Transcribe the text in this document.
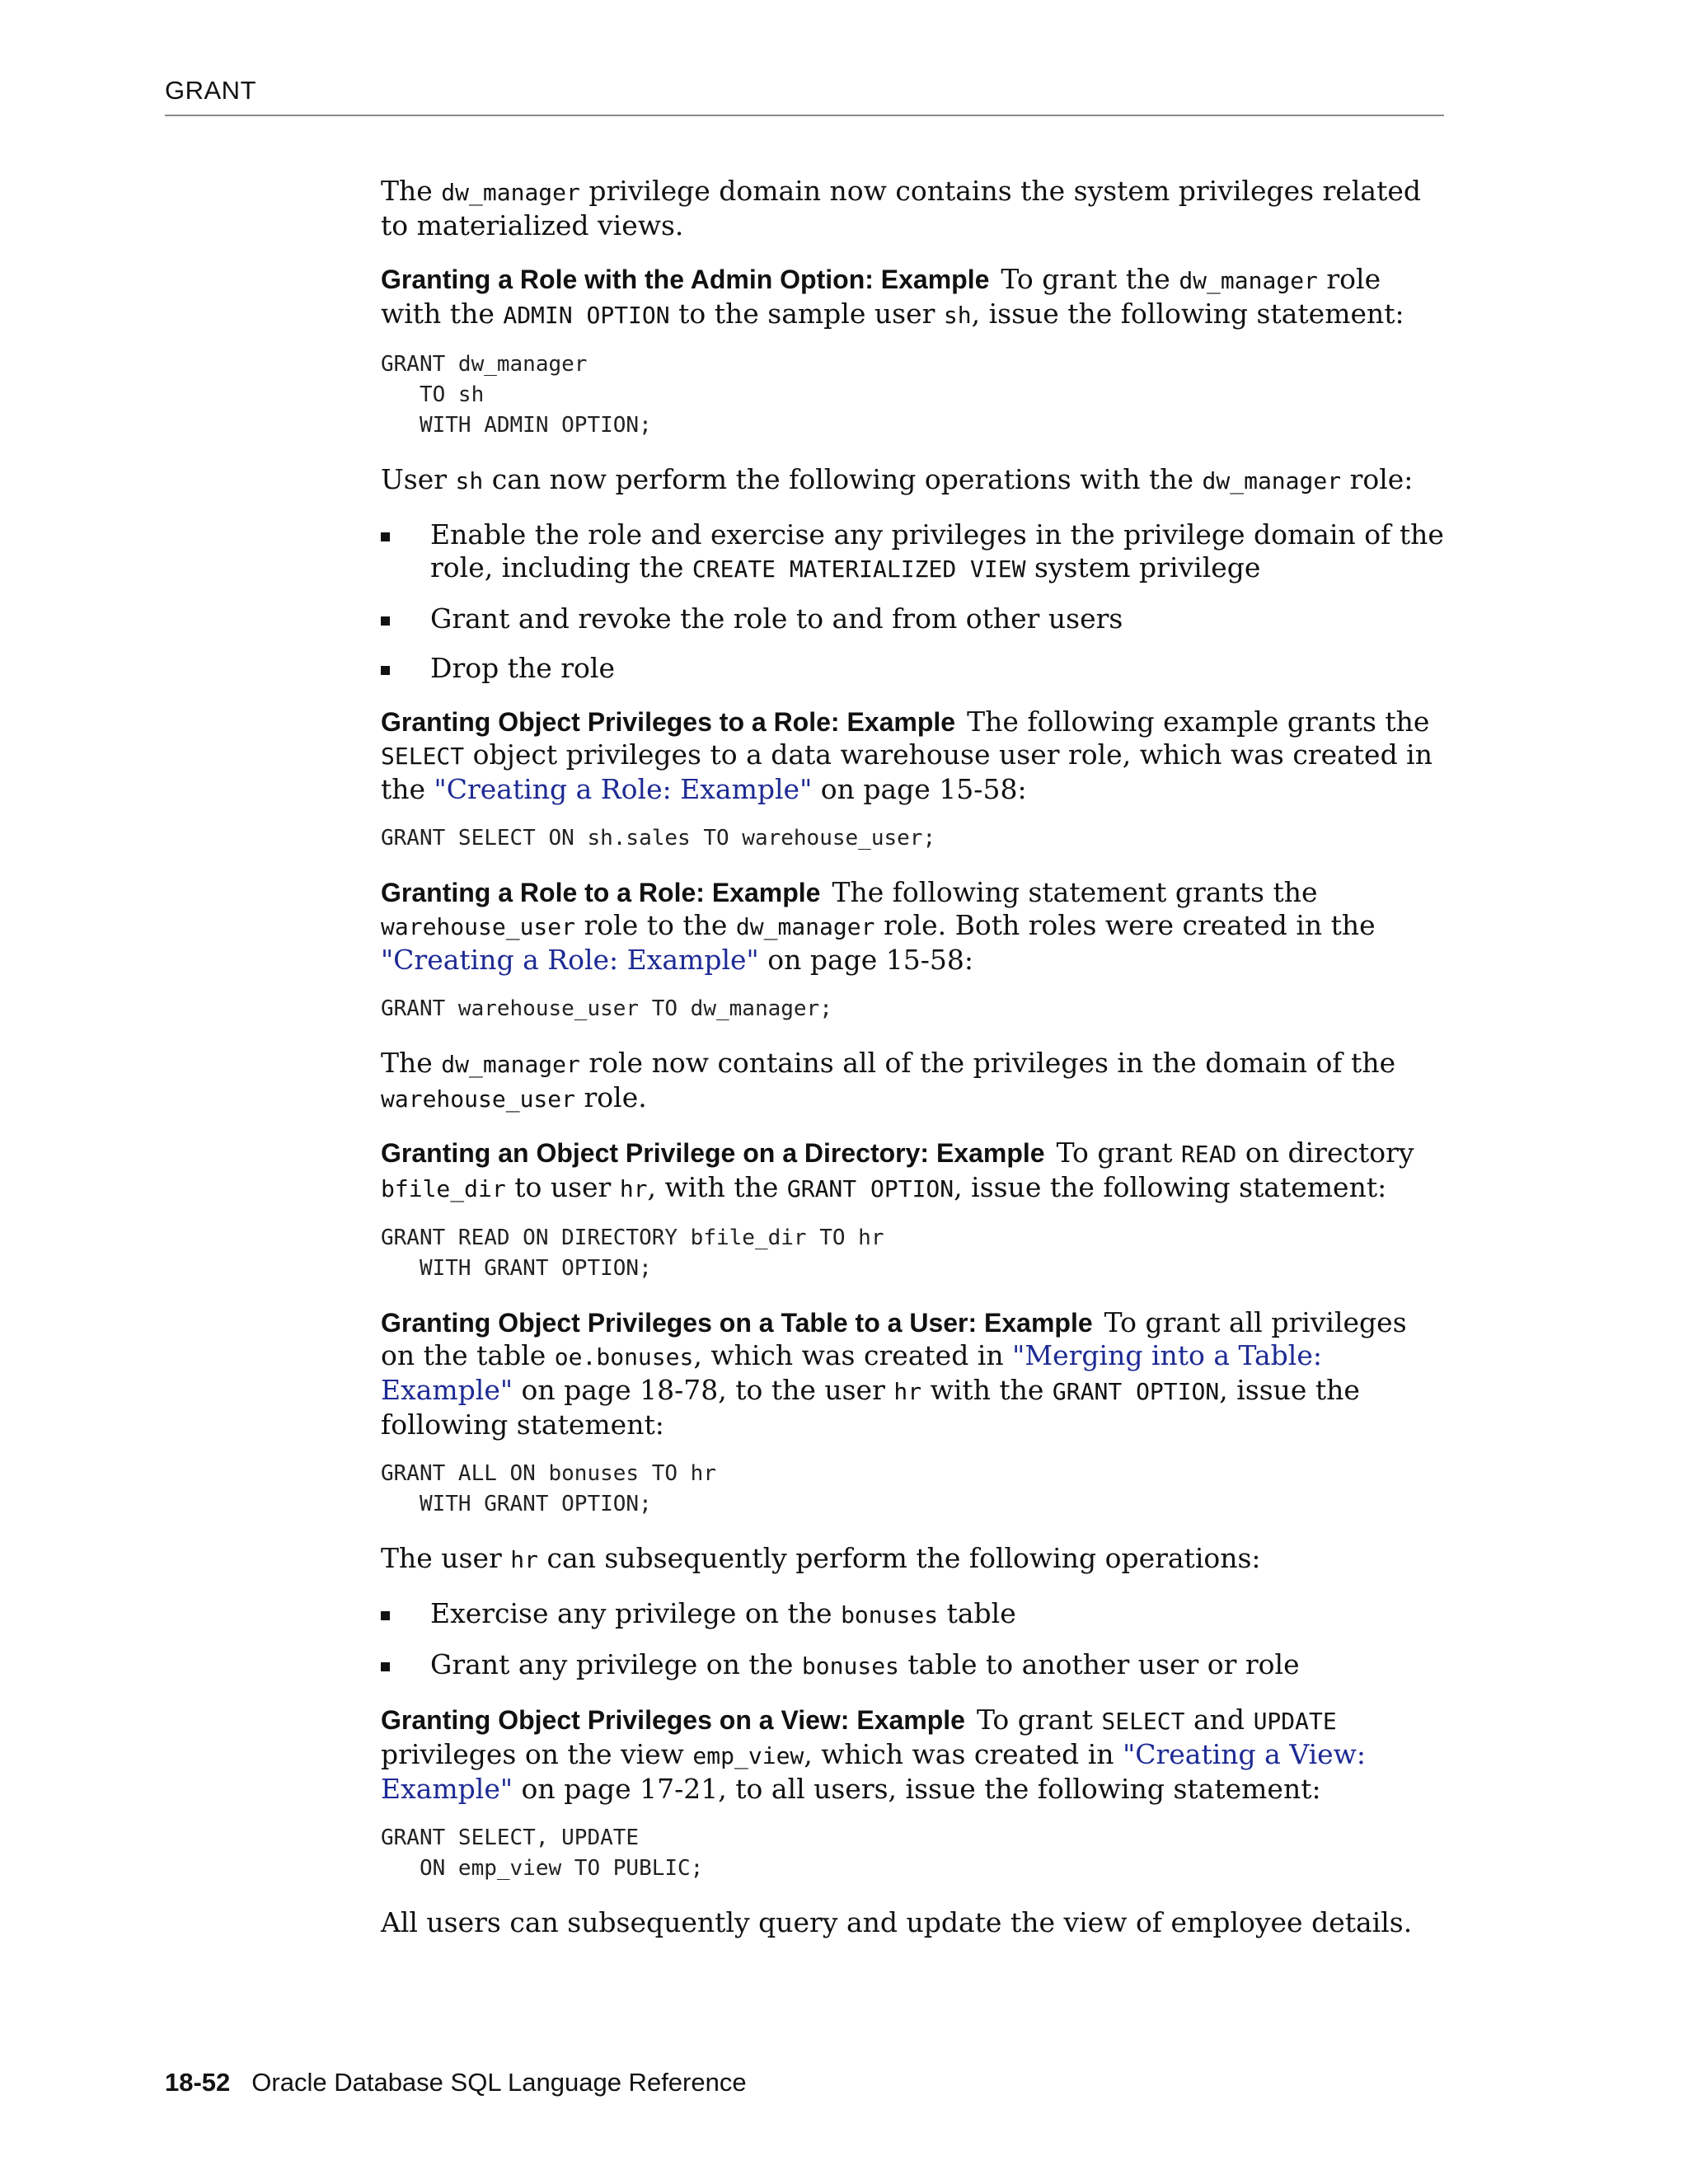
GRANT

The dw_manager privilege domain now contains the system privileges related to materialized views.

Granting a Role with the Admin Option: Example To grant the dw_manager role with the ADMIN OPTION to the sample user sh, issue the following statement:

GRANT dw_manager
TO sh
WITH ADMIN OPTION;

User sh can now perform the following operations with the dw_manager role:

Enable the role and exercise any privileges in the privilege domain of the role, including the CREATE MATERIALIZED VIEW system privilege
Grant and revoke the role to and from other users
Drop the role

Granting Object Privileges to a Role: Example The following example grants the SELECT object privileges to a data warehouse user role, which was created in the "Creating a Role: Example" on page 15-58:

GRANT SELECT ON sh.sales TO warehouse_user;

Granting a Role to a Role: Example The following statement grants the warehouse_user role to the dw_manager role. Both roles were created in the "Creating a Role: Example" on page 15-58:

GRANT warehouse_user TO dw_manager;

The dw_manager role now contains all of the privileges in the domain of the warehouse_user role.

Granting an Object Privilege on a Directory: Example To grant READ on directory bfile_dir to user hr, with the GRANT OPTION, issue the following statement:

GRANT READ ON DIRECTORY bfile_dir TO hr
WITH GRANT OPTION;

Granting Object Privileges on a Table to a User: Example To grant all privileges on the table oe.bonuses, which was created in "Merging into a Table: Example" on page 18-78, to the user hr with the GRANT OPTION, issue the following statement:

GRANT ALL ON bonuses TO hr
WITH GRANT OPTION;

The user hr can subsequently perform the following operations:

Exercise any privilege on the bonuses table
Grant any privilege on the bonuses table to another user or role

Granting Object Privileges on a View: Example To grant SELECT and UPDATE privileges on the view emp_view, which was created in "Creating a View: Example" on page 17-21, to all users, issue the following statement:

GRANT SELECT, UPDATE
ON emp_view TO PUBLIC;

All users can subsequently query and update the view of employee details.

18-52 Oracle Database SQL Language Reference
